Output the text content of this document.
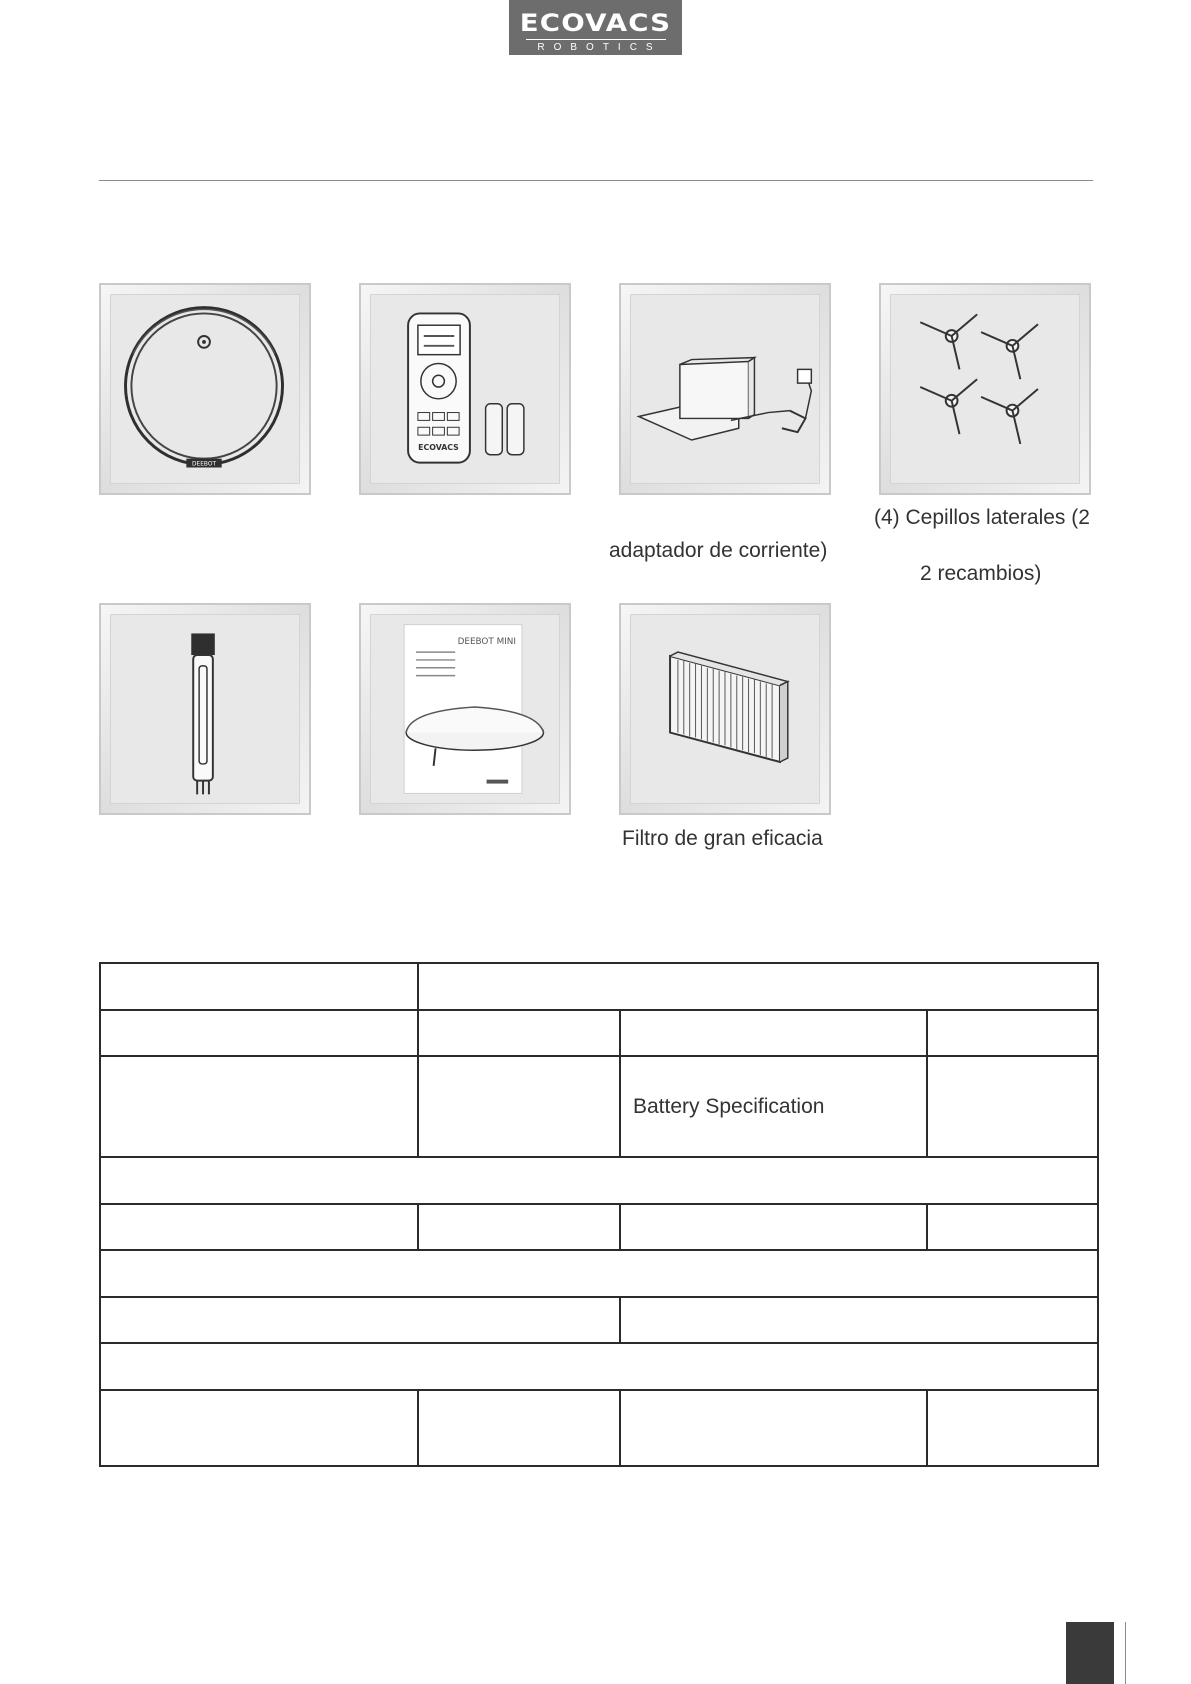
ECOVACS
ROBOTICS
DEEBOT
ECOVACS
adaptador de corriente)
(4) Cepillos laterales (2
2 recambios)
DEEBOT MINI
Filtro de gran eficacia

		Battery Specification	
